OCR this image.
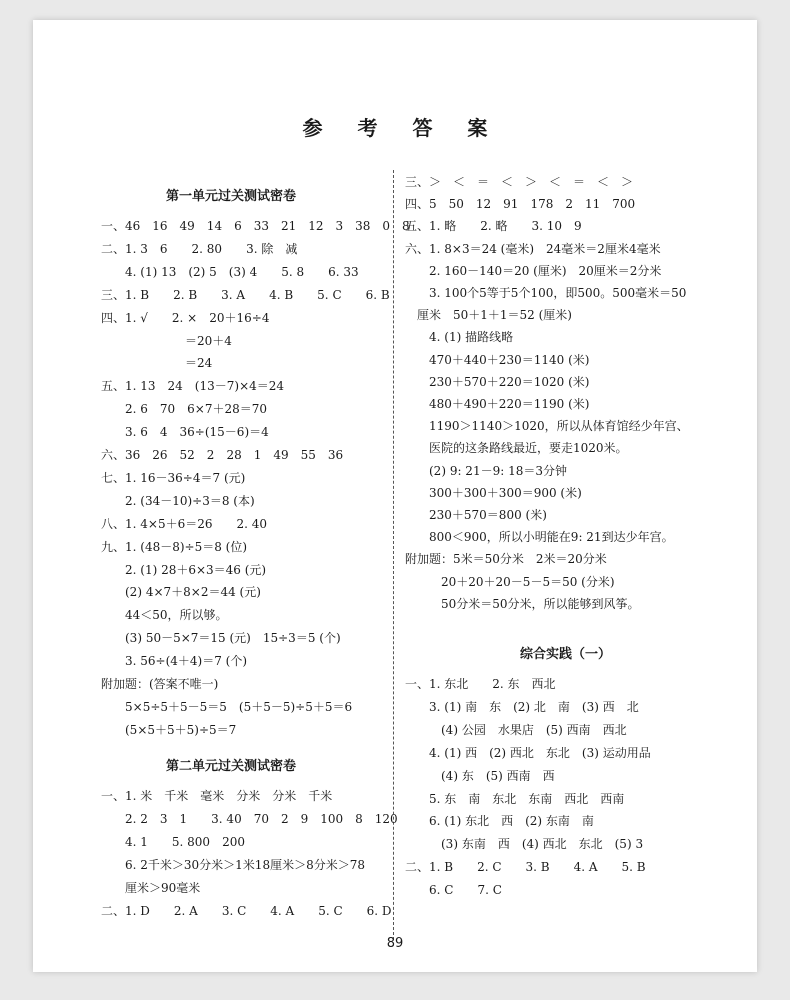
参 考 答 案
第一单元过关测试密卷
一、46　16　49　14　6　33　21　12　3　38　0　8
二、1. 3　6　　2. 80　　3. 除　减
　　4. (1) 13　(2) 5　(3) 4　　5. 8　　6. 33
三、1. B　　2. B　　3. A　　4. B　　5. C　　6. B
四、1. √　　2. ×　20＋16÷4
　　　　　　　＝20＋4
　　　　　　　＝24
五、1. 13　24　(13－7)×4＝24
　　2. 6　70　6×7＋28＝70
　　3. 6　4　36÷(15－6)＝4
六、36　26　52　2　28　1　49　55　36
七、1. 16－36÷4＝7 (元)
　　2. (34－10)÷3＝8 (本)
八、1. 4×5＋6＝26　　2. 40
九、1. (48－8)÷5＝8 (位)
　　2. (1) 28＋6×3＝46 (元)
　　(2) 4×7＋8×2＝44 (元)
　　44＜50，所以够。
　　(3) 50－5×7＝15 (元)　15÷3＝5 (个)
　　3. 56÷(4＋4)＝7 (个)
附加题：(答案不唯一)
　　5×5÷5＋5－5＝5　(5＋5－5)÷5＋5＝6
　　(5×5＋5＋5)÷5＝7
第二单元过关测试密卷
一、1. 米　千米　毫米　分米　分米　千米
　　2. 2　3　1　　3. 40　70　2　9　100　8　120
　　4. 1　　5. 800　200
　　6. 2千米＞30分米＞1米18厘米＞8分米＞78
　　厘米＞90毫米
二、1. D　　2. A　　3. C　　4. A　　5. C　　6. D
三、＞　＜　＝　＜　＞　＜　＝　＜　＞
四、5　50　12　91　178　2　11　700
五、1. 略　　2. 略　　3. 10　9
六、1. 8×3＝24 (毫米)　24毫米＝2厘米4毫米
　　2. 160－140＝20 (厘米)　20厘米＝2分米
　　3. 100个5等于5个100，即500。500毫米＝50
　厘米　50＋1＋1＝52 (厘米)
　　4. (1) 描路线略
　　470＋440＋230＝1140 (米)
　　230＋570＋220＝1020 (米)
　　480＋490＋220＝1190 (米)
　　1190＞1140＞1020，所以从体育馆经少年宫、
　　医院的这条路线最近，要走1020米。
　　(2) 9: 21－9: 18＝3分钟
　　300＋300＋300＝900 (米)
　　230＋570＝800 (米)
　　800＜900，所以小明能在9: 21到达少年宫。
附加题：5米＝50分米　2米＝20分米
　　　20＋20＋20－5－5＝50 (分米)
　　　50分米＝50分米，所以能够到风筝。
综合实践（一）
一、1. 东北　　2. 东　西北
　　3. (1) 南　东　(2) 北　南　(3) 西　北
　　　(4) 公园　水果店　(5) 西南　西北
　　4. (1) 西　(2) 西北　东北　(3) 运动用品
　　　(4) 东　(5) 西南　西
　　5. 东　南　东北　东南　西北　西南
　　6. (1) 东北　西　(2) 东南　南
　　　(3) 东南　西　(4) 西北　东北　(5) 3
二、1. B　　2. C　　3. B　　4. A　　5. B
　　6. C　　7. C
89
